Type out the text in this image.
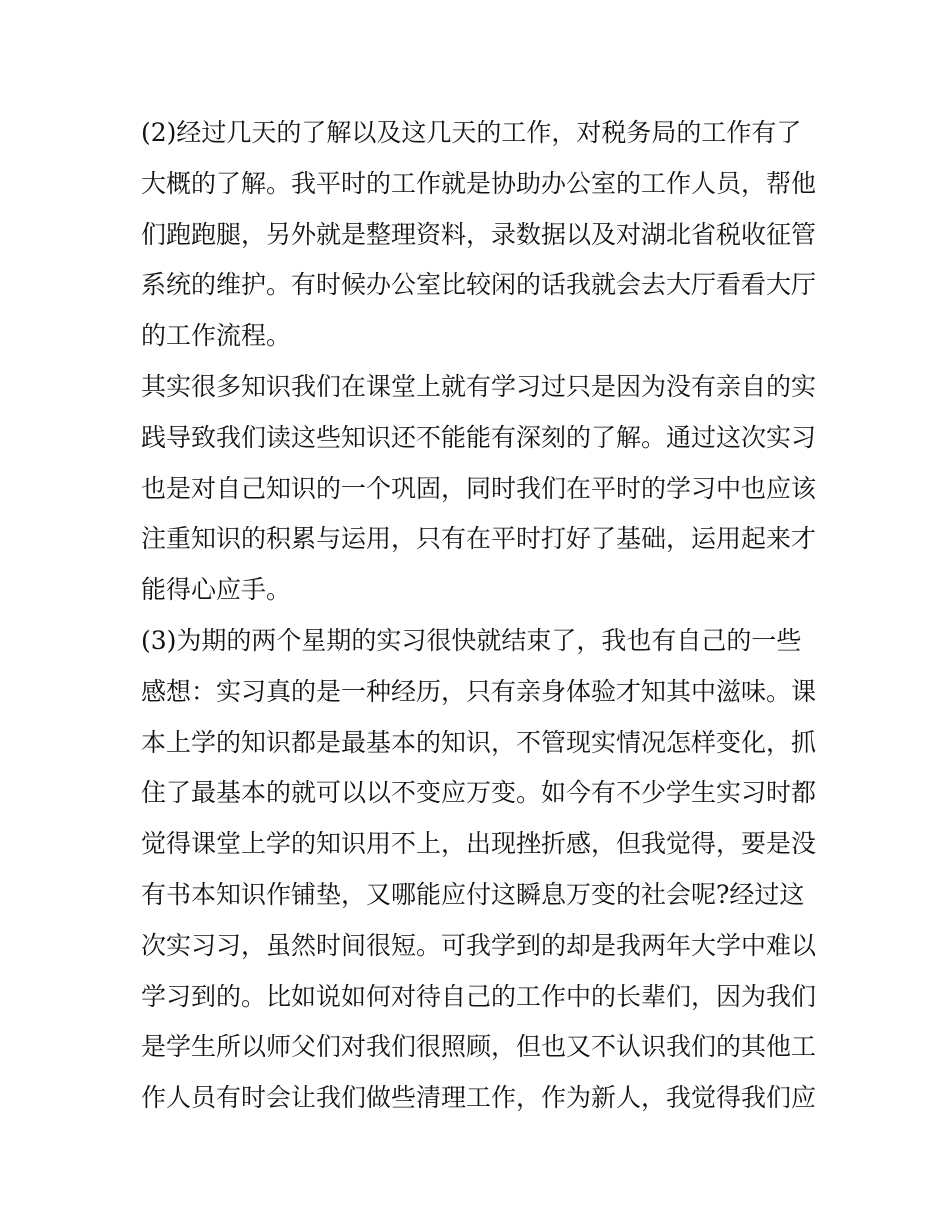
(2)经过几天的了解以及这几天的工作，对税务局的工作有了
大概的了解。我平时的工作就是协助办公室的工作人员，帮他
们跑跑腿，另外就是整理资料，录数据以及对湖北省税收征管
系统的维护。有时候办公室比较闲的话我就会去大厅看看大厅
的工作流程。
其实很多知识我们在课堂上就有学习过只是因为没有亲自的实
践导致我们读这些知识还不能能有深刻的了解。通过这次实习
也是对自己知识的一个巩固，同时我们在平时的学习中也应该
注重知识的积累与运用，只有在平时打好了基础，运用起来才
能得心应手。
(3)为期的两个星期的实习很快就结束了，我也有自己的一些
感想：实习真的是一种经历，只有亲身体验才知其中滋味。课
本上学的知识都是最基本的知识，不管现实情况怎样变化，抓
住了最基本的就可以以不变应万变。如今有不少学生实习时都
觉得课堂上学的知识用不上，出现挫折感，但我觉得，要是没
有书本知识作铺垫，又哪能应付这瞬息万变的社会呢?经过这
次实习习，虽然时间很短。可我学到的却是我两年大学中难以
学习到的。比如说如何对待自己的工作中的长辈们，因为我们
是学生所以师父们对我们很照顾，但也又不认识我们的其他工
作人员有时会让我们做些清理工作，作为新人，我觉得我们应
